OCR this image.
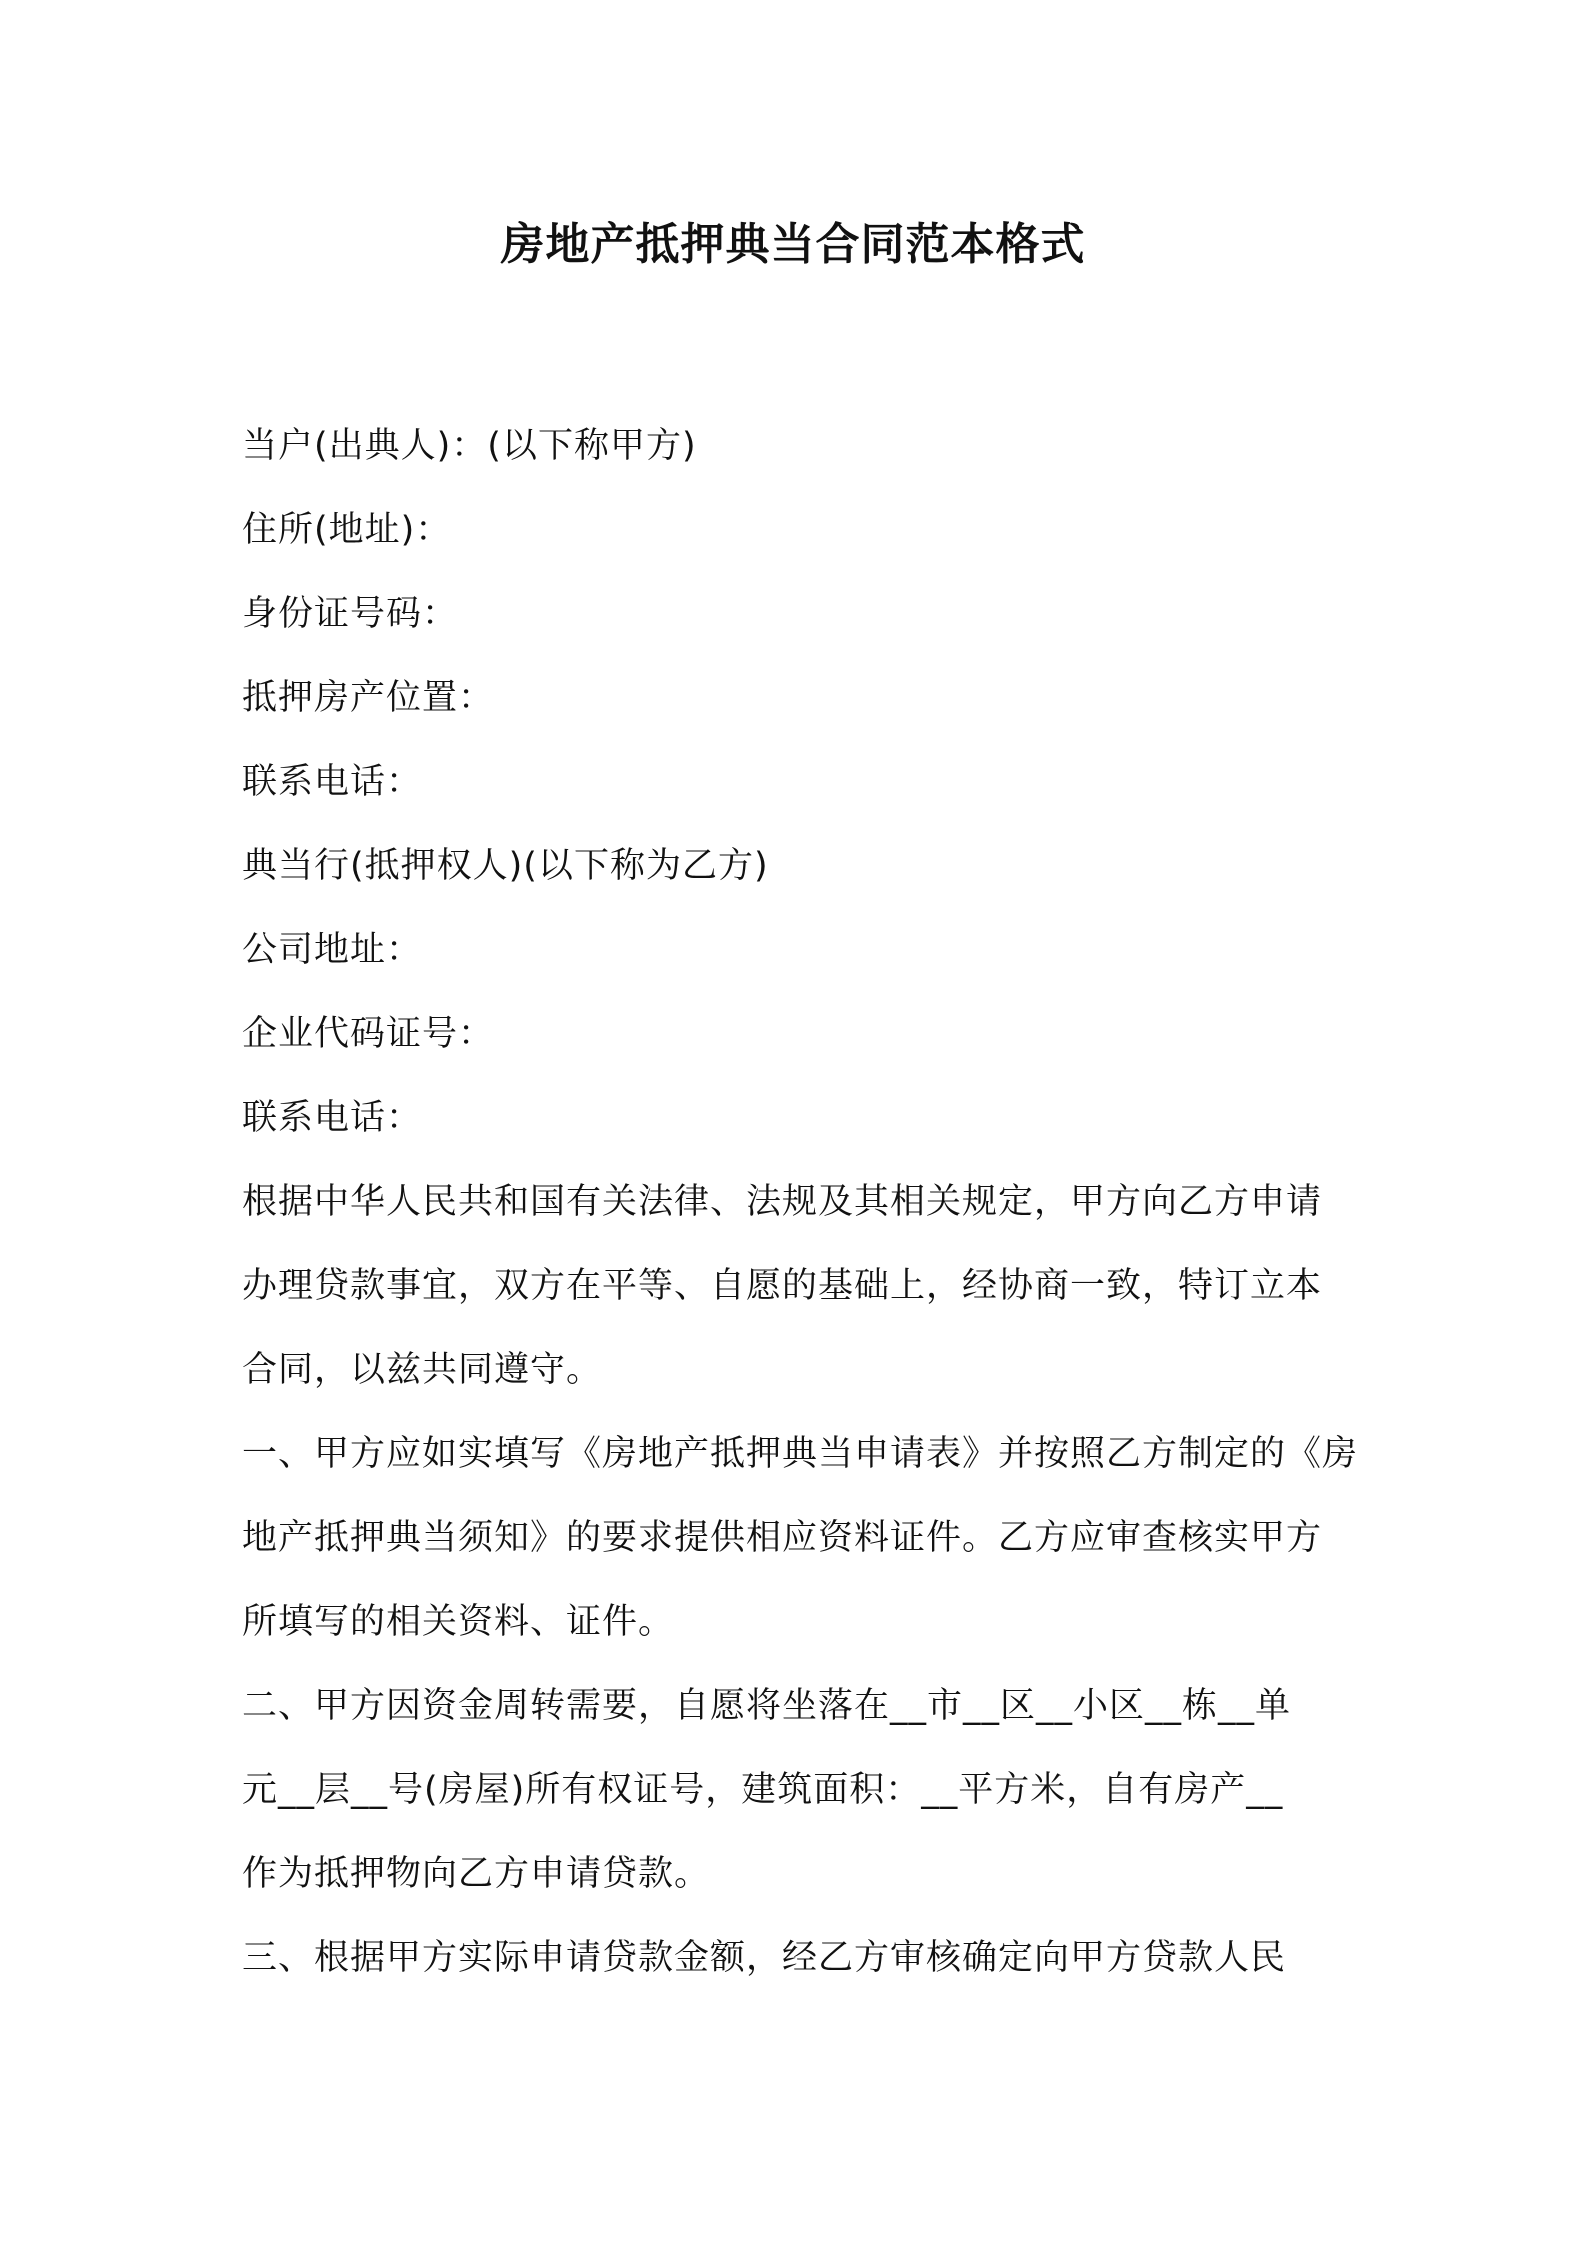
房地产抵押典当合同范本格式
当户(出典人)：(以下称甲方)
住所(地址)：
身份证号码：
抵押房产位置：
联系电话：
典当行(抵押权人)(以下称为乙方)
公司地址：
企业代码证号：
联系电话：
根据中华人民共和国有关法律、法规及其相关规定，甲方向乙方申请
办理贷款事宜，双方在平等、自愿的基础上，经协商一致，特订立本
合同，以兹共同遵守。
一、甲方应如实填写《房地产抵押典当申请表》并按照乙方制定的《房
地产抵押典当须知》的要求提供相应资料证件。乙方应审查核实甲方
所填写的相关资料、证件。
二、甲方因资金周转需要，自愿将坐落在__市__区__小区__栋__单
元__层__号(房屋)所有权证号，建筑面积：__平方米，自有房产__
作为抵押物向乙方申请贷款。
三、根据甲方实际申请贷款金额，经乙方审核确定向甲方贷款人民
